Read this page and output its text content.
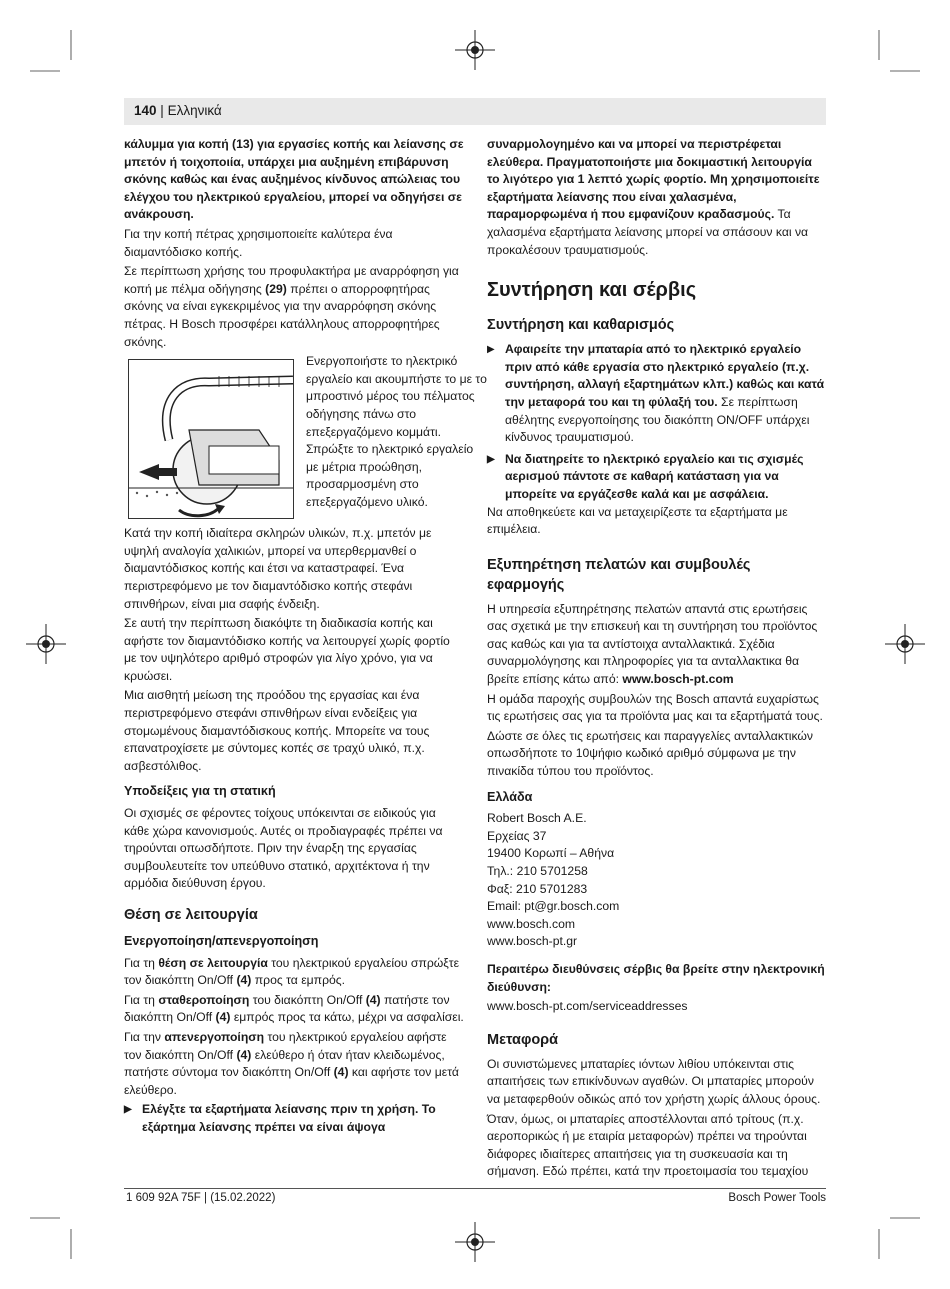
140 | Ελληνικά

κάλυμμα για κοπή (13) για εργασίες κοπής και λείανσης σε μπετόν ή τοιχοποιία, υπάρχει μια αυξημένη επιβάρυνση σκόνης καθώς και ένας αυξημένος κίνδυνος απώλειας του ελέγχου του ηλεκτρικού εργαλείου, μπορεί να οδηγήσει σε ανάκρουση.

Για την κοπή πέτρας χρησιμοποιείτε καλύτερα ένα διαμαντόδισκο κοπής.

Σε περίπτωση χρήσης του προφυλακτήρα με αναρρόφηση για κοπή με πέλμα οδήγησης (29) πρέπει ο απορροφητήρας σκόνης να είναι εγκεκριμένος για την αναρρόφηση σκόνης πέτρας. Η Bosch προσφέρει κατάλληλους απορροφητήρες σκόνης.

Ενεργοποιήστε το ηλεκτρικό εργαλείο και ακουμπήστε το με το μπροστινό μέρος του πέλματος οδήγησης πάνω στο επεξεργαζόμενο κομμάτι. Σπρώξτε το ηλεκτρικό εργαλείο με μέτρια προώθηση, προσαρμοσμένη στο επεξεργαζόμενο υλικό.

Κατά την κοπή ιδιαίτερα σκληρών υλικών, π.χ. μπετόν με υψηλή αναλογία χαλικιών, μπορεί να υπερθερμανθεί ο διαμαντόδισκος κοπής και έτσι να καταστραφεί. Ένα περιστρεφόμενο με τον διαμαντόδισκο κοπής στεφάνι σπινθήρων, είναι μια σαφής ένδειξη.

Σε αυτή την περίπτωση διακόψτε τη διαδικασία κοπής και αφήστε τον διαμαντόδισκο κοπής να λειτουργεί χωρίς φορτίο με τον υψηλότερο αριθμό στροφών για λίγο χρόνο, για να κρυώσει.

Μια αισθητή μείωση της προόδου της εργασίας και ένα περιστρεφόμενο στεφάνι σπινθήρων είναι ενδείξεις για στομωμένους διαμαντόδισκους κοπής. Μπορείτε να τους επανατροχίσετε με σύντομες κοπές σε τραχύ υλικό, π.χ. ασβεστόλιθος.

Υποδείξεις για τη στατική

Οι σχισμές σε φέροντες τοίχους υπόκεινται σε ειδικούς για κάθε χώρα κανονισμούς. Αυτές οι προδιαγραφές πρέπει να τηρούνται οπωσδήποτε. Πριν την έναρξη της εργασίας συμβουλευτείτε τον υπεύθυνο στατικό, αρχιτέκτονα ή την αρμόδια διεύθυνση έργου.

Θέση σε λειτουργία
Ενεργοποίηση/απενεργοποίηση

Για τη θέση σε λειτουργία του ηλεκτρικού εργαλείου σπρώξτε τον διακόπτη On/Off (4) προς τα εμπρός.

Για τη σταθεροποίηση του διακόπτη On/Off (4) πατήστε τον διακόπτη On/Off (4) εμπρός προς τα κάτω, μέχρι να ασφαλίσει.

Για την απενεργοποίηση του ηλεκτρικού εργαλείου αφήστε τον διακόπτη On/Off (4) ελεύθερο ή όταν ήταν κλειδωμένος, πατήστε σύντομα τον διακόπτη On/Off (4) και αφήστε τον μετά ελεύθερο.

▶ Ελέγξτε τα εξαρτήματα λείανσης πριν τη χρήση. Το εξάρτημα λείανσης πρέπει να είναι άψογα

συναρμολογημένο και να μπορεί να περιστρέφεται ελεύθερα. Πραγματοποιήστε μια δοκιμαστική λειτουργία το λιγότερο για 1 λεπτό χωρίς φορτίο. Μη χρησιμοποιείτε εξαρτήματα λείανσης που είναι χαλασμένα, παραμορφωμένα ή που εμφανίζουν κραδασμούς. Τα χαλασμένα εξαρτήματα λείανσης μπορεί να σπάσουν και να προκαλέσουν τραυματισμούς.

Συντήρηση και σέρβις
Συντήρηση και καθαρισμός
▶ Αφαιρείτε την μπαταρία από το ηλεκτρικό εργαλείο πριν από κάθε εργασία στο ηλεκτρικό εργαλείο (π.χ. συντήρηση, αλλαγή εξαρτημάτων κλπ.) καθώς και κατά την μεταφορά του και τη φύλαξή του. Σε περίπτωση αθέλητης ενεργοποίησης του διακόπτη ON/OFF υπάρχει κίνδυνος τραυματισμού.
▶ Να διατηρείτε το ηλεκτρικό εργαλείο και τις σχισμές αερισμού πάντοτε σε καθαρή κατάσταση για να μπορείτε να εργάζεσθε καλά και με ασφάλεια.

Να αποθηκεύετε και να μεταχειρίζεστε τα εξαρτήματα με επιμέλεια.

Εξυπηρέτηση πελατών και συμβουλές εφαρμογής

Η υπηρεσία εξυπηρέτησης πελατών απαντά στις ερωτήσεις σας σχετικά με την επισκευή και τη συντήρηση του προϊόντος σας καθώς και για τα αντίστοιχα ανταλλακτικά. Σχέδια συναρμολόγησης και πληροφορίες για τα ανταλλακτικα θα βρείτε επίσης κάτω από: www.bosch-pt.com

Η ομάδα παροχής συμβουλών της Bosch απαντά ευχαρίστως τις ερωτήσεις σας για τα προϊόντα μας και τα εξαρτήματά τους.

Δώστε σε όλες τις ερωτήσεις και παραγγελίες ανταλλακτικών οπωσδήποτε το 10ψήφιο κωδικό αριθμό σύμφωνα με την πινακίδα τύπου του προϊόντος.

Ελλάδα
Robert Bosch A.E.
Ερχείας 37
19400 Κορωπί – Αθήνα
Τηλ.: 210 5701258
Φαξ: 210 5701283
Email: pt@gr.bosch.com
www.bosch.com
www.bosch-pt.gr

Περαιτέρω διευθύνσεις σέρβις θα βρείτε στην ηλεκτρονική διεύθυνση:

www.bosch-pt.com/serviceaddresses

Μεταφορά

Οι συνιστώμενες μπαταρίες ιόντων λιθίου υπόκεινται στις απαιτήσεις των επικίνδυνων αγαθών. Οι μπαταρίες μπορούν να μεταφερθούν οδικώς από τον χρήστη χωρίς άλλους όρους.

Όταν, όμως, οι μπαταρίες αποστέλλονται από τρίτους (π.χ. αεροπορικώς ή με εταιρία μεταφορών) πρέπει να τηρούνται διάφορες ιδιαίτερες απαιτήσεις για τη συσκευασία και τη σήμανση. Εδώ πρέπει, κατά την προετοιμασία του τεμαχίου

1 609 92A 75F | (15.02.2022)	Bosch Power Tools
